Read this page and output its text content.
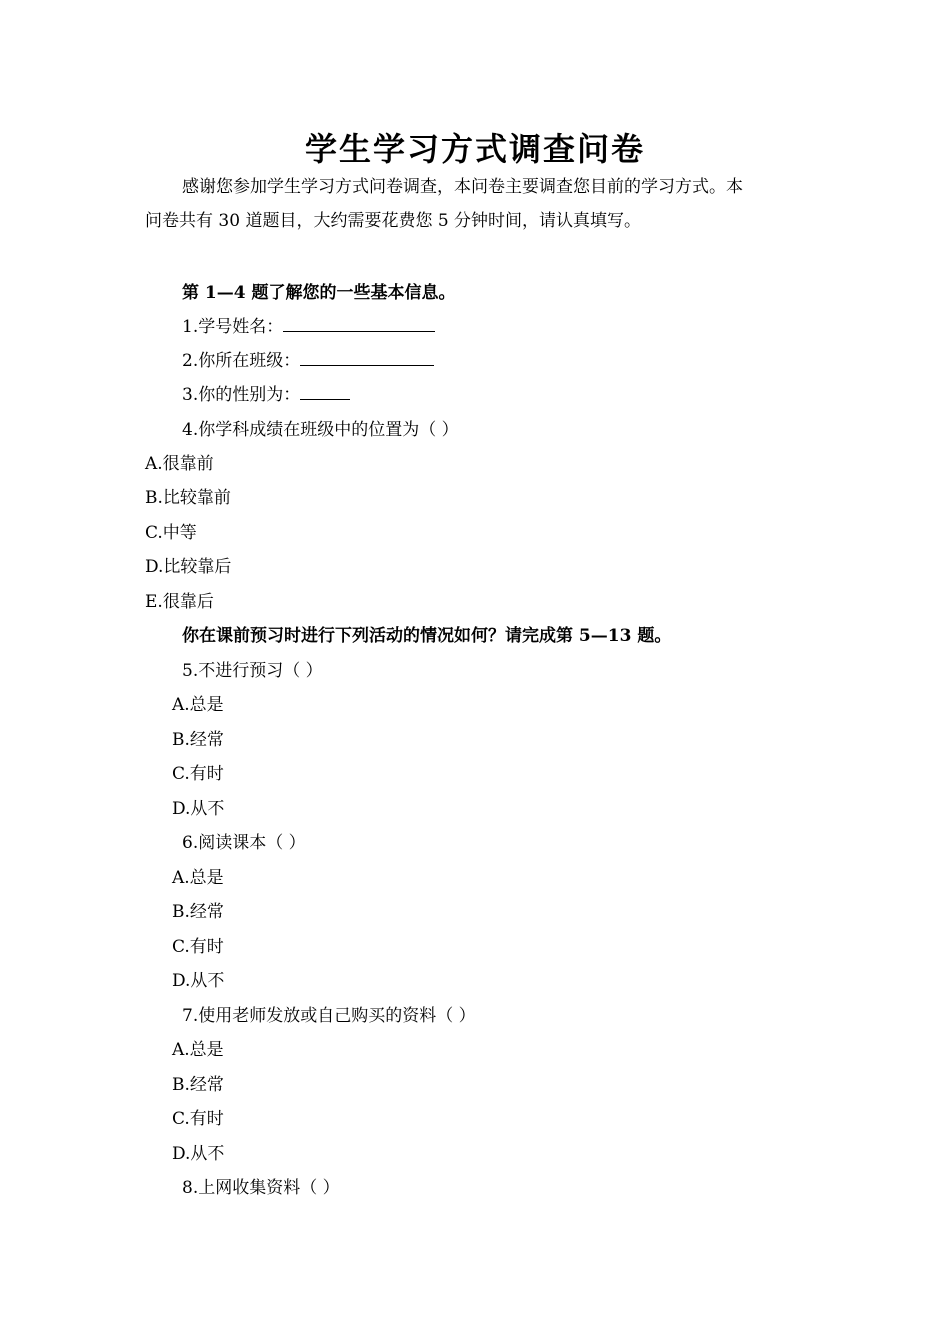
学生学习方式调查问卷
感谢您参加学生学习方式问卷调查，本问卷主要调查您目前的学习方式。本
问卷共有 30 道题目，大约需要花费您 5 分钟时间，请认真填写。
第 1—4 题了解您的一些基本信息。
1.学号姓名：
2.你所在班级：
3.你的性别为：
4.你学科成绩在班级中的位置为（ ）
A.很靠前
B.比较靠前
C.中等
D.比较靠后
E.很靠后
你在课前预习时进行下列活动的情况如何？请完成第 5—13 题。
5.不进行预习（ ）
A.总是
B.经常
C.有时
D.从不
6.阅读课本（ ）
A.总是
B.经常
C.有时
D.从不
7.使用老师发放或自己购买的资料（ ）
A.总是
B.经常
C.有时
D.从不
8.上网收集资料（ ）
